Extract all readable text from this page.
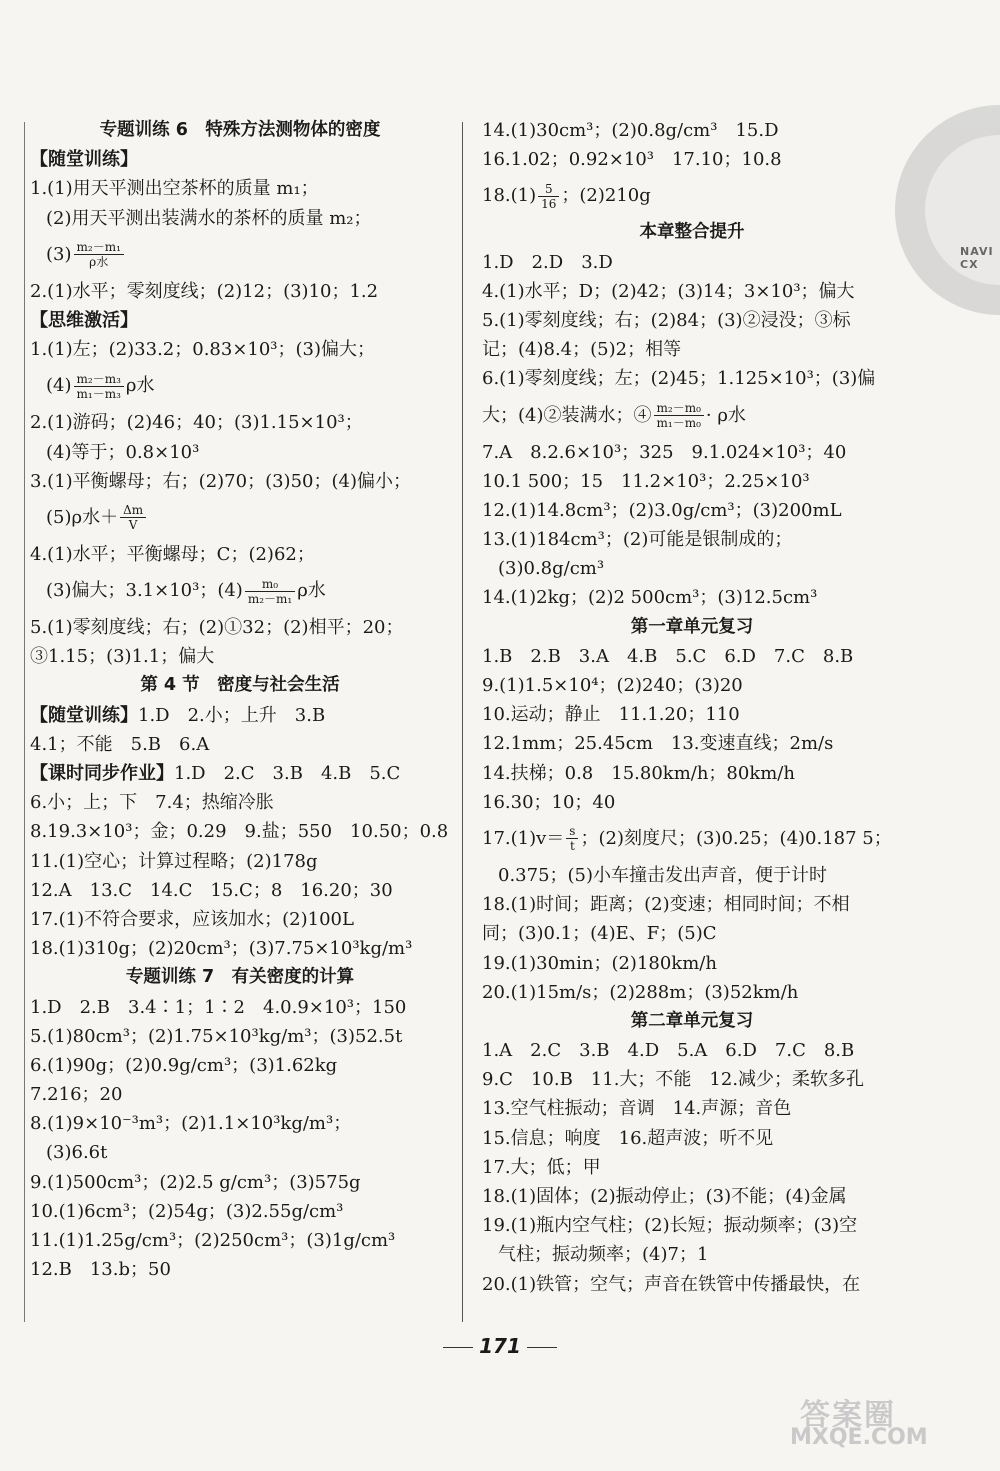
NAVI CX
专题训练 6　特殊方法测物体的密度
【随堂训练】
1.(1)用天平测出空茶杯的质量 m₁；
(2)用天平测出装满水的茶杯的质量 m₂；
$(3) \frac{\text{m₂－m₁}}{\text{ρ水}}$
2.(1)水平；零刻度线；(2)12；(3)10；1.2
【思维激活】
1.(1)左；(2)33.2；0.83×10³；(3)偏大；
$(4) \frac{\text{m₂－m₃}}{\text{m₁－m₃}}$ ρ水
2.(1)游码；(2)46；40；(3)1.15×10³；
(4)等于；0.8×10³
3.(1)平衡螺母；右；(2)70；(3)50；(4)偏小；
(5)ρ水＋ $\frac{\Delta m}{V}$
4.(1)水平；平衡螺母；C；(2)62；
(3)偏大；3.1×10³；$(4) \frac{\text{m₀}}{\text{m₂－m₁}}$ ρ水
5.(1)零刻度线；右；(2)①32；(2)相平；20；
③1.15；(3)1.1；偏大
第 4 节　密度与社会生活
【随堂训练】1.D　2.小；上升　3.B
4.1；不能　5.B　6.A
【课时同步作业】1.D　2.C　3.B　4.B　5.C
6.小；上；下　7.4；热缩冷胀
8.19.3×10³；金；0.29　9.盐；550　10.50；0.8
11.(1)空心；计算过程略；(2)178g
12.A　13.C　14.C　15.C；8　16.20；30
17.(1)不符合要求，应该加水；(2)100L
18.(1)310g；(2)20cm³；(3)7.75×10³kg/m³
专题训练 7　有关密度的计算
1.D　2.B　3.4∶1；1∶2　4.0.9×10³；150
5.(1)80cm³；(2)1.75×10³kg/m³；(3)52.5t
6.(1)90g；(2)0.9g/cm³；(3)1.62kg
7.216；20
8.(1)9×10⁻³m³；(2)1.1×10³kg/m³；
(3)6.6t
9.(1)500cm³；(2)2.5 g/cm³；(3)575g
10.(1)6cm³；(2)54g；(3)2.55g/cm³
11.(1)1.25g/cm³；(2)250cm³；(3)1g/cm³
12.B　13.b；50
14.(1)30cm³；(2)0.8g/cm³　15.D
16.1.02；0.92×10³　17.10；10.8
$18.(1) \frac{5}{16}$ ；(2)210g
本章整合提升
1.D　2.D　3.D
4.(1)水平；D；(2)42；(3)14；3×10³；偏大
5.(1)零刻度线；右；(2)84；(3)②浸没；③标
记；(4)8.4；(5)2；相等
6.(1)零刻度线；左；(2)45；1.125×10³；(3)偏
大；(4)②装满水；④ $\frac{\text{m₂－m₀}}{\text{m₁－m₀}} \cdot \rho$水
7.A　8.2.6×10³；325　9.1.024×10³；40
10.1 500；15　11.2×10³；2.25×10³
12.(1)14.8cm³；(2)3.0g/cm³；(3)200mL
13.(1)184cm³；(2)可能是银制成的；
(3)0.8g/cm³
14.(1)2kg；(2)2 500cm³；(3)12.5cm³
第一章单元复习
1.B　2.B　3.A　4.B　5.C　6.D　7.C　8.B
9.(1)1.5×10⁴；(2)240；(3)20
10.运动；静止　11.1.20；110
12.1mm；25.45cm　13.变速直线；2m/s
14.扶梯；0.8　15.80km/h；80km/h
16.30；10；40
$17.(1)v= \frac{s}{t}$ ；(2)刻度尺；(3)0.25；(4)0.187 5；
0.375；(5)小车撞击发出声音，便于计时
18.(1)时间；距离；(2)变速；相同时间；不相
同；(3)0.1；(4)E、F；(5)C
19.(1)30min；(2)180km/h
20.(1)15m/s；(2)288m；(3)52km/h
第二章单元复习
1.A　2.C　3.B　4.D　5.A　6.D　7.C　8.B
9.C　10.B　11.大；不能　12.减少；柔软多孔
13.空气柱振动；音调　14.声源；音色
15.信息；响度　16.超声波；听不见
17.大；低；甲
18.(1)固体；(2)振动停止；(3)不能；(4)金属
19.(1)瓶内空气柱；(2)长短；振动频率；(3)空
气柱；振动频率；(4)7；1
20.(1)铁管；空气；声音在铁管中传播最快，在
171
答案圈
MXQE.COM
